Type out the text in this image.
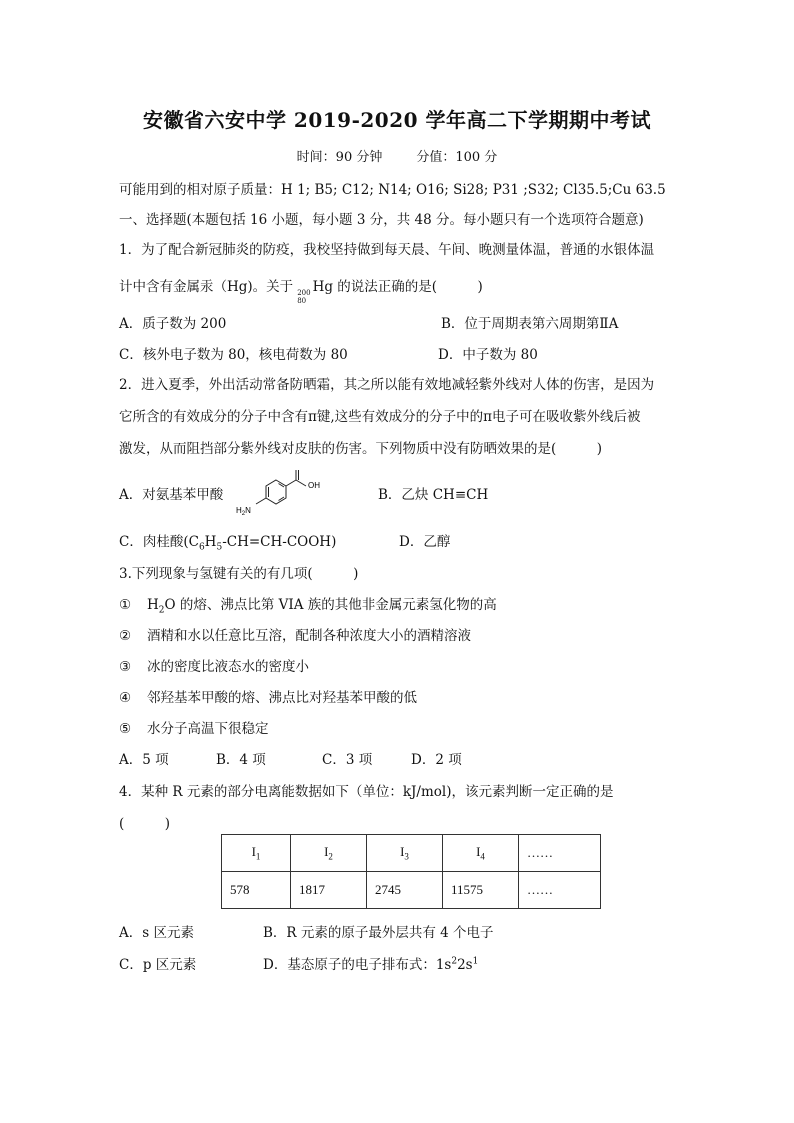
安徽省六安中学 2019-2020 学年高二下学期期中考试
时间：90 分钟	分值：100 分
可能用到的相对原子质量：H 1; B5; C12; N14; O16; Si28; P31 ;S32; Cl35.5;Cu 63.5
一、选择题(本题包括 16 小题，每小题 3 分，共 48 分。每小题只有一个选项符合题意)
1．为了配合新冠肺炎的防疫，我校坚持做到每天晨、午间、晚测量体温，普通的水银体温
计中含有金属汞（Hg)。关于 200
80
Hg 的说法正确的是(　　　)
A．质子数为 200	B．位于周期表第六周期第ⅡA
C．核外电子数为 80，核电荷数为 80	D．中子数为 80
2．进入夏季，外出活动常备防晒霜，其之所以能有效地减轻紫外线对人体的伤害，是因为
它所含的有效成分的分子中含有π键,这些有效成分的分子中的π电子可在吸收紫外线后被
激发，从而阻挡部分紫外线对皮肤的伤害。下列物质中没有防晒效果的是(　　　)
A．对氨基苯甲酸
OH
$H_2N$
B．乙炔 CH≡CH
C．肉桂酸$(C_6H_5-CH=CH-COOH)$	D．乙醇
3.下列现象与氢键有关的有几项(　　　)
① $H_2O$ 的熔、沸点比第 VIA 族的其他非金属元素氢化物的高
② 酒精和水以任意比互溶，配制各种浓度大小的酒精溶液
③ 冰的密度比液态水的密度小
④ 邻羟基苯甲酸的熔、沸点比对羟基苯甲酸的低
⑤ 水分子高温下很稳定
A．5 项	B．4 项	C．3 项	D．2 项
4．某种 R 元素的部分电离能数据如下（单位：kJ/mol)，该元素判断一定正确的是
(　　　)
$I_1$	$I_2$	$I_3$	$I_4$	……
578	1817	2745	11575	……
A．s 区元素	B．R 元素的原子最外层共有 4 个电子
C．p 区元素	D．基态原子的电子排布式：$1s^22s^1$
